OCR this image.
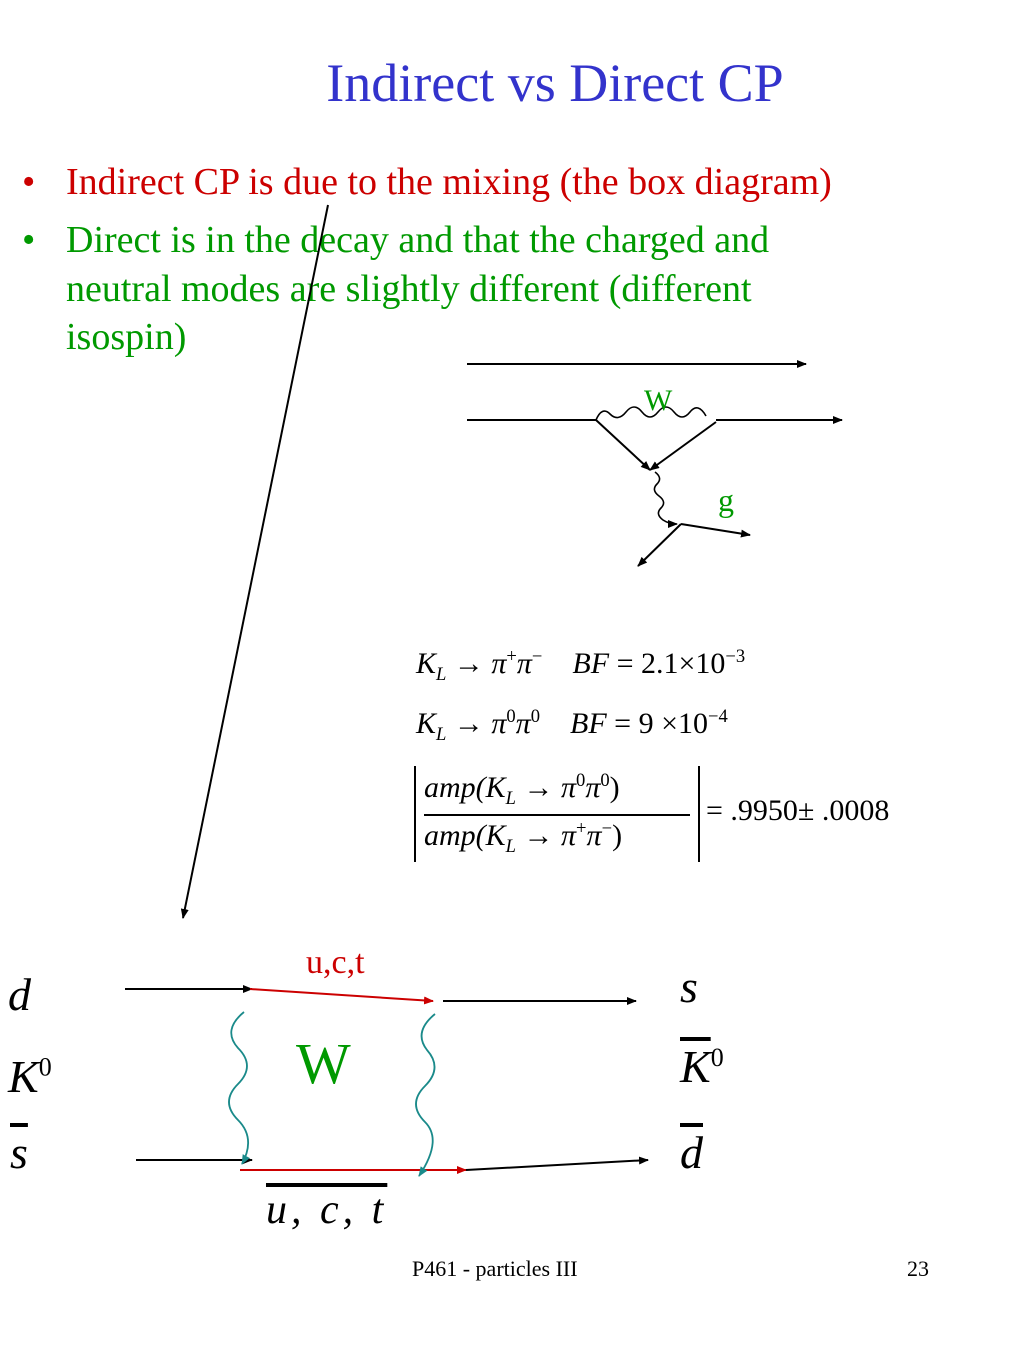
Indirect vs Direct CP
• Indirect CP is due to the mixing (the box diagram)
• Direct is in the decay and that the charged and
neutral modes are slightly different (different
isospin)
W
g
$K_L \to \pi^+\pi^-$ BF = $2.1\times 10^{-3}$
$K_L \to \pi^0\pi^0$ BF = $9 \times 10^{-4}$
$amp(K_L \to \pi^0\pi^0)$
$amp(K_L \to \pi^+\pi^-)$
= .9950± .0008
u,c,t
W
u, c, t
d
$K^0$
$\overline{s}$
s
$K^0$
$\overline{d}$
P461 - particles III	23
